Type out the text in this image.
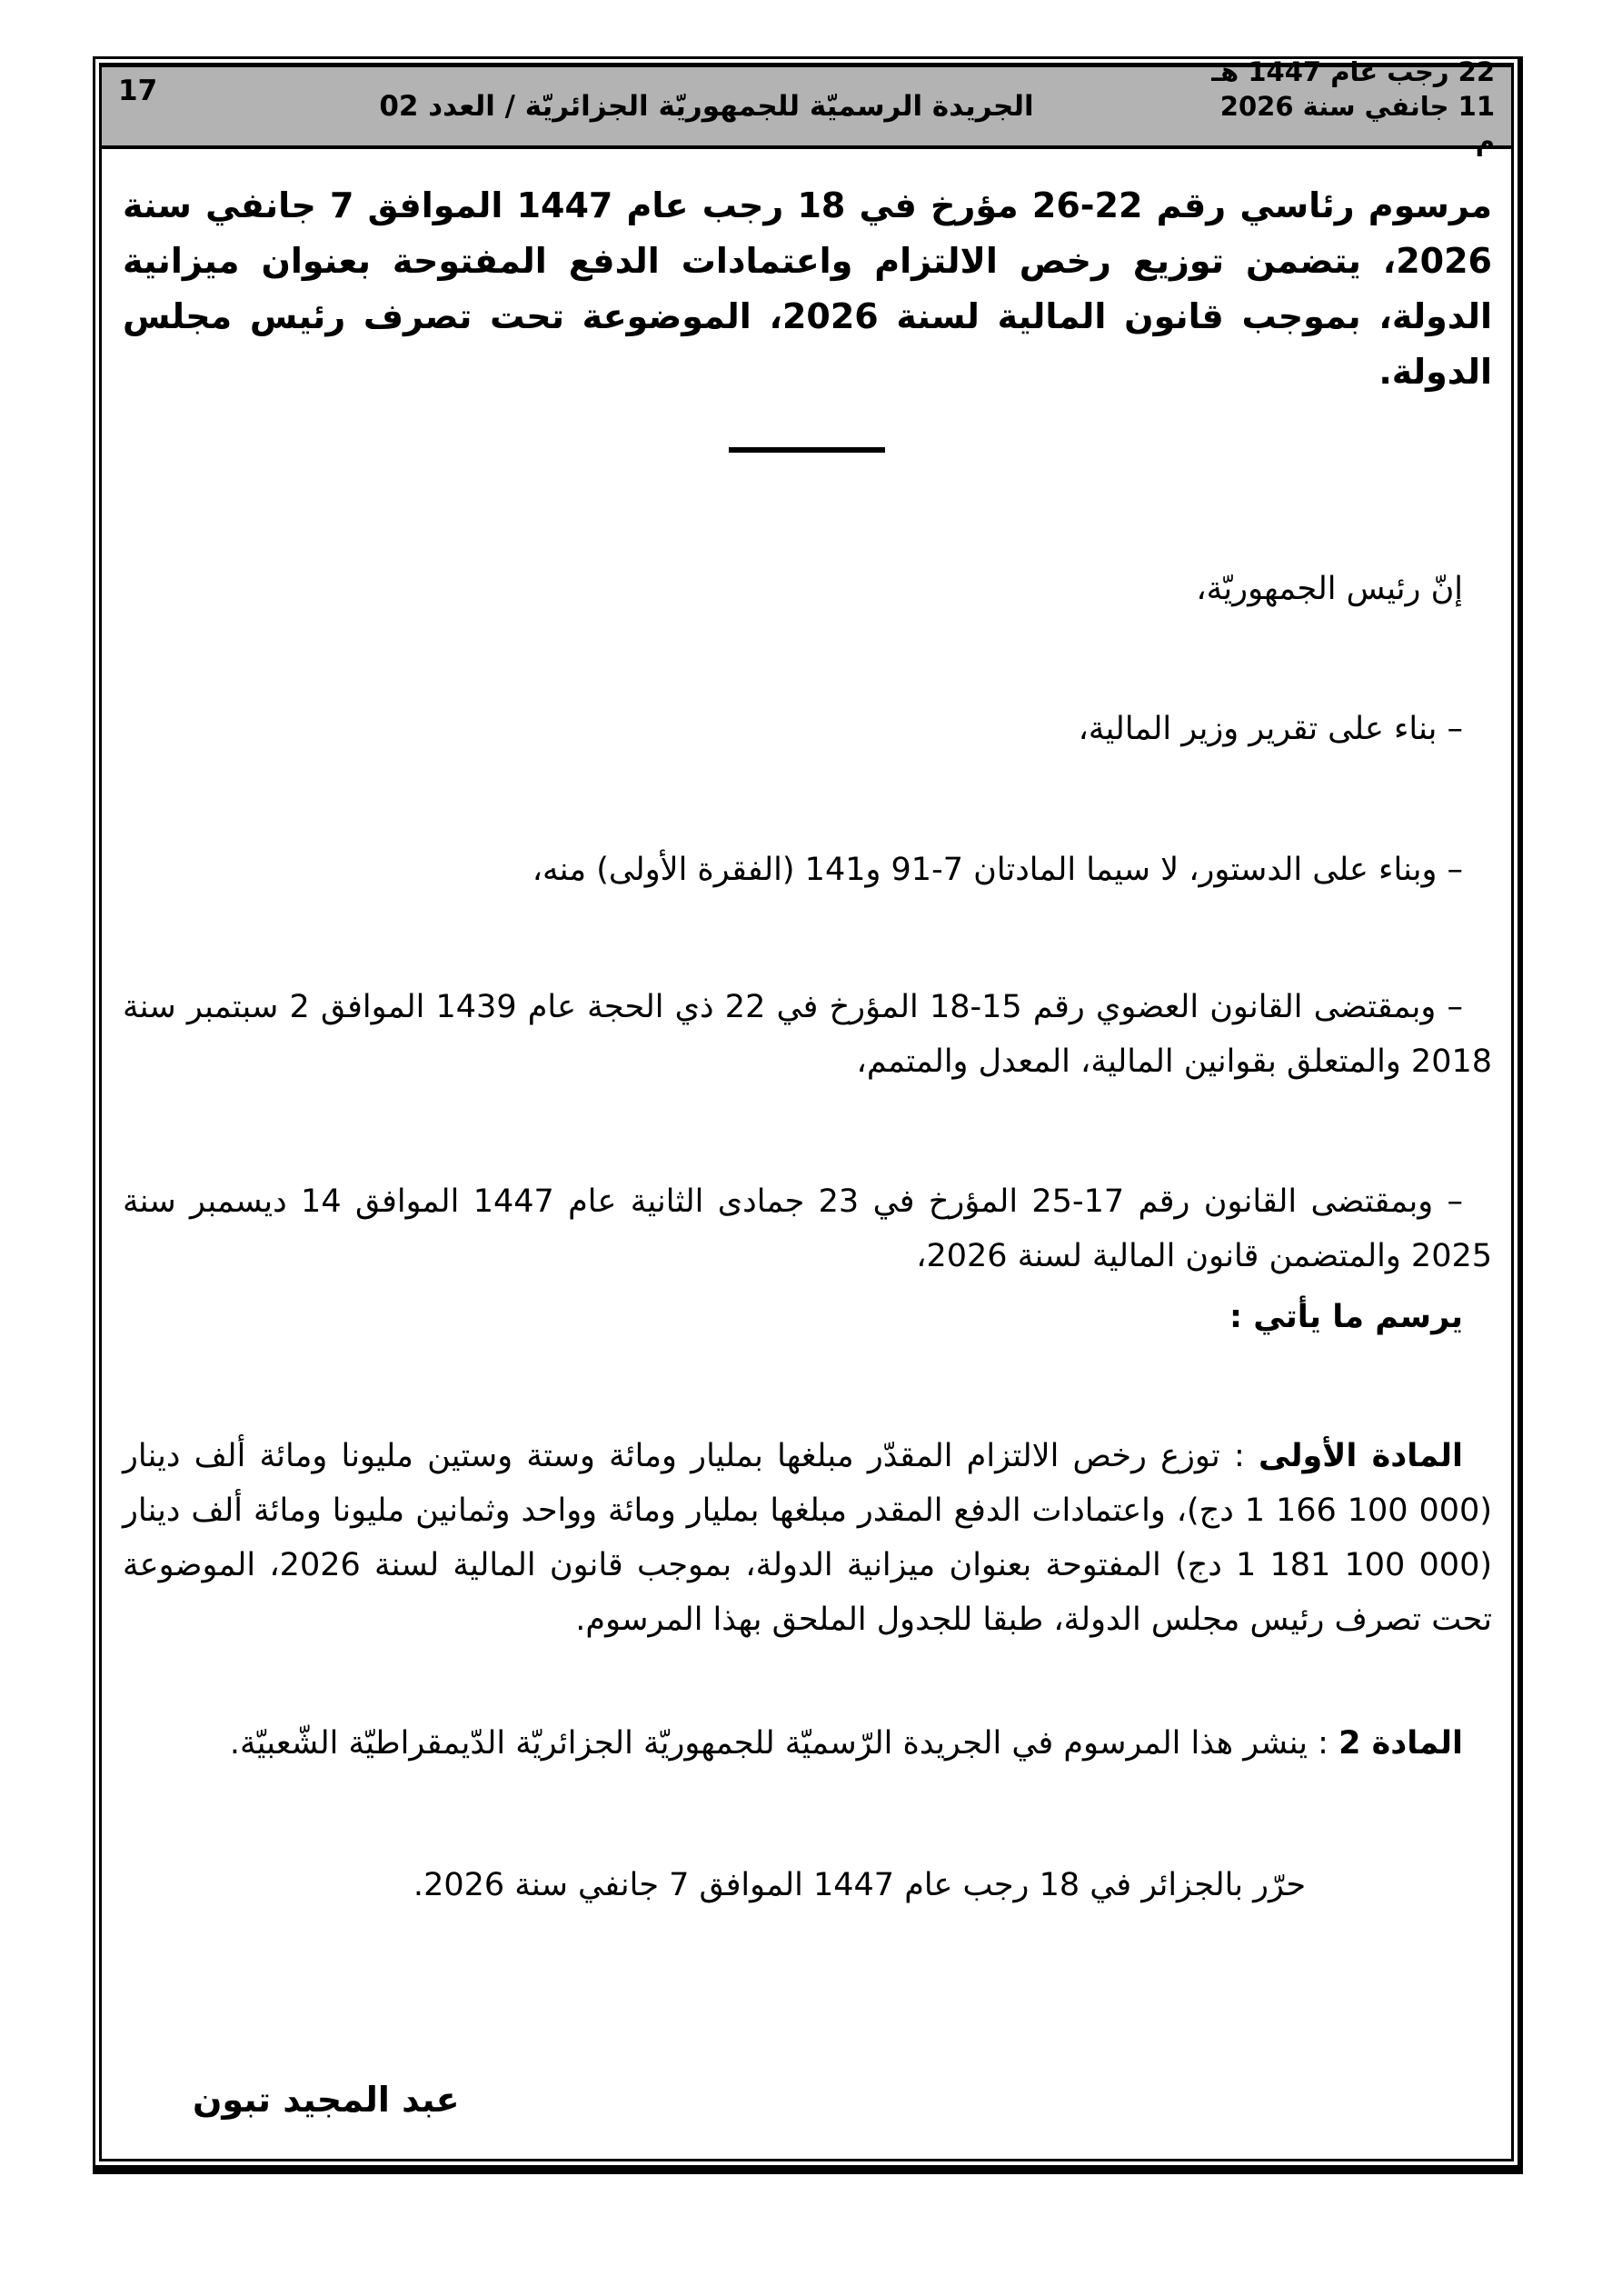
22 رجب عام 1447 هـ
11 جانفي سنة 2026 م
الجريدة الرسميّة للجمهوريّة الجزائريّة / العدد 02
17
مرسوم رئاسي رقم 22-26 مؤرخ في 18 رجب عام 1447 الموافق 7 جانفي سنة 2026، يتضمن توزيع رخص الالتزام واعتمادات الدفع المفتوحة بعنوان ميزانية الدولة، بموجب قانون المالية لسنة 2026، الموضوعة تحت تصرف رئيس مجلس الدولة.
إنّ رئيس الجمهوريّة،
– بناء على تقرير وزير المالية،
– وبناء على الدستور، لا سيما المادتان 7-91 و141 (الفقرة الأولى) منه،
– وبمقتضى القانون العضوي رقم 15-18 المؤرخ في 22 ذي الحجة عام 1439 الموافق 2 سبتمبر سنة 2018 والمتعلق بقوانين المالية، المعدل والمتمم،
– وبمقتضى القانون رقم 17-25 المؤرخ في 23 جمادى الثانية عام 1447 الموافق 14 ديسمبر سنة 2025 والمتضمن قانون المالية لسنة 2026،
يرسم ما يأتي :
المادة الأولى : توزع رخص الالتزام المقدّر مبلغها بمليار ومائة وستة وستين مليونا ومائة ألف دينار (1 166 100 000 دج)، واعتمادات الدفع المقدر مبلغها بمليار ومائة وواحد وثمانين مليونا ومائة ألف دينار (1 181 100 000 دج) المفتوحة بعنوان ميزانية الدولة، بموجب قانون المالية لسنة 2026، الموضوعة تحت تصرف رئيس مجلس الدولة، طبقا للجدول الملحق بهذا المرسوم.
المادة 2 : ينشر هذا المرسوم في الجريدة الرّسميّة للجمهوريّة الجزائريّة الدّيمقراطيّة الشّعبيّة.
حرّر بالجزائر في 18 رجب عام 1447 الموافق 7 جانفي سنة 2026.
عبد المجيد تبون
